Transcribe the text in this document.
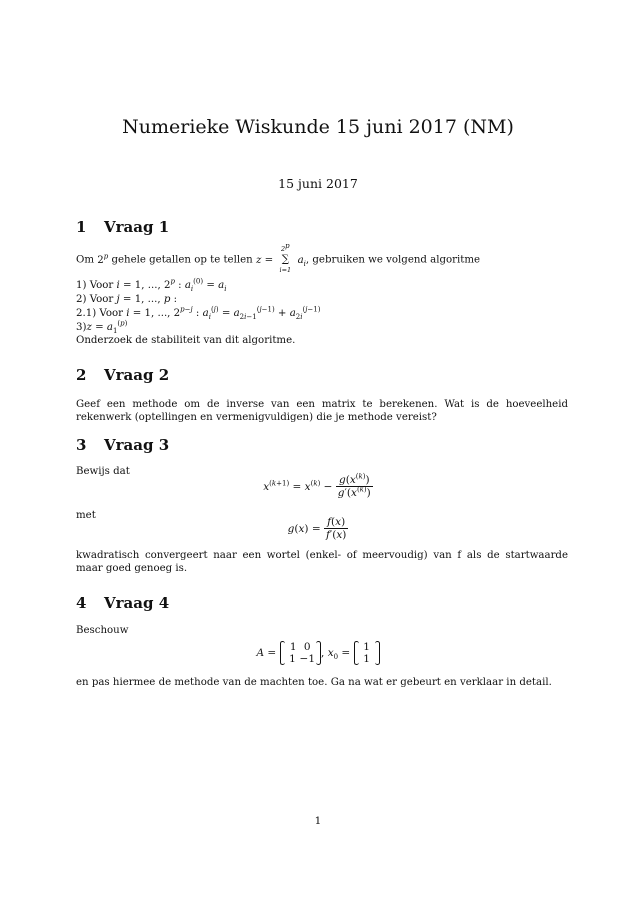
Numerieke Wiskunde 15 juni 2017 (NM)
15 juni 2017
1 Vraag 1
Om 2$^p$ gehele getallen op te tellen z =
2$^p$
∑
i=1
$a_i$, gebruiken we volgend algoritme
1) Voor i = 1, ..., 2$^p$ : $a_i^{(0)} = a_i$
2) Voor j = 1, ..., p :
2.1) Voor i = 1, ..., $2^{p-j}$ : $a_i^{(j)} = a_{2i-1}^{(j-1)} + a_{2i}^{(j-1)}$
$3)z = a_1^{(p)}$
Onderzoek de stabiliteit van dit algoritme.
2 Vraag 2
Geef een methode om de inverse van een matrix te berekenen. Wat is de hoeveelheid rekenwerk (optellingen en vermenigvuldigen) die je methode vereist?
3 Vraag 3
Bewijs dat
$x^{(k+1)} = x^{(k)} - \frac{g(x^{(k)})}{g'(x^{(k)})}$
met
$g(x) = \frac{f(x)}{f'(x)}$
kwadratisch convergeert naar een wortel (enkel- of meervoudig) van f als de startwaarde maar goed genoeg is.
4 Vraag 4
Beschouw
A = 1 0
1 −1 , $x_0 = 1$
1
en pas hiermee de methode van de machten toe. Ga na wat er gebeurt en verklaar in detail.
1
